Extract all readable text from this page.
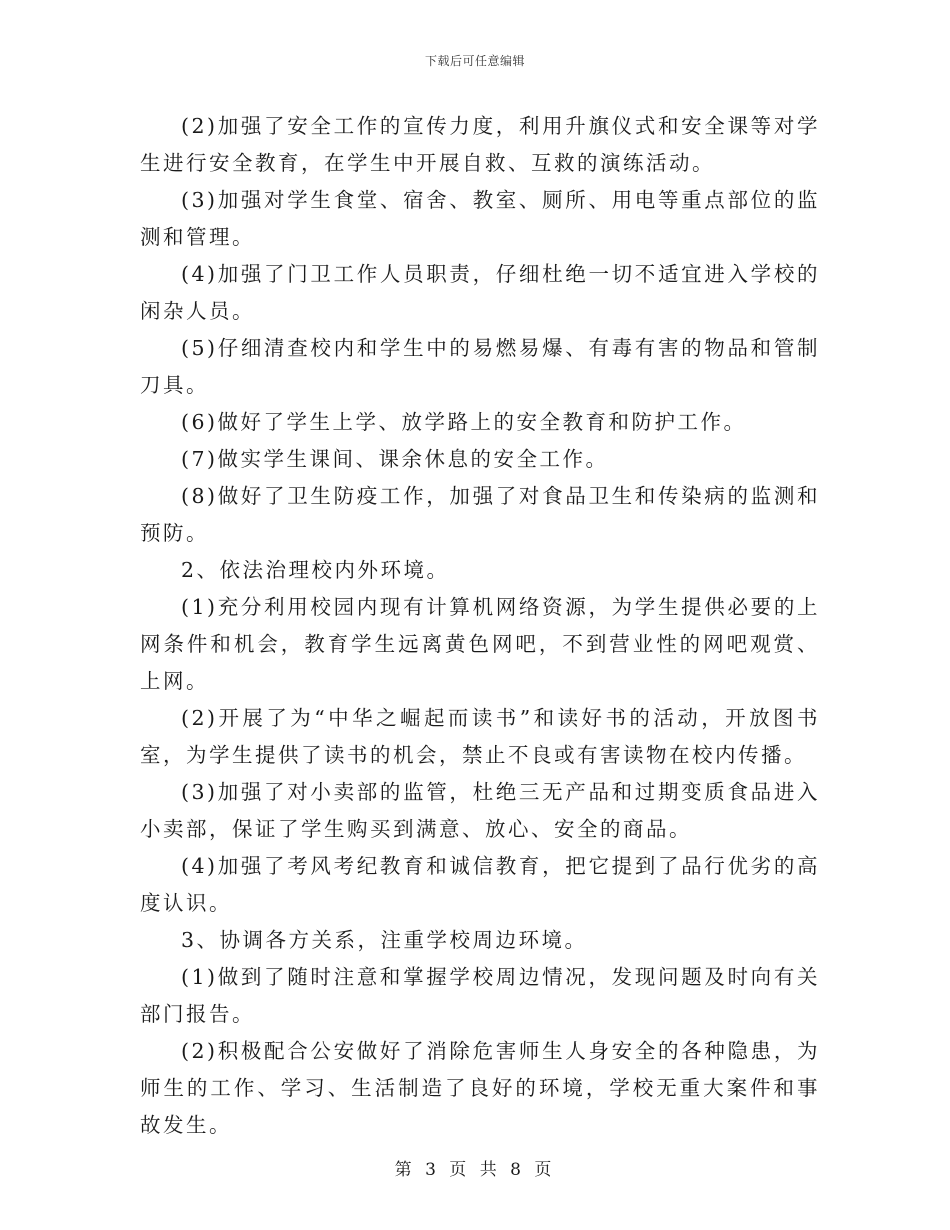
下载后可任意编辑

(2)加强了安全工作的宣传力度，利用升旗仪式和安全课等对学生进行安全教育，在学生中开展自救、互救的演练活动。

(3)加强对学生食堂、宿舍、教室、厕所、用电等重点部位的监测和管理。

(4)加强了门卫工作人员职责，仔细杜绝一切不适宜进入学校的闲杂人员。

(5)仔细清查校内和学生中的易燃易爆、有毒有害的物品和管制刀具。

(6)做好了学生上学、放学路上的安全教育和防护工作。

(7)做实学生课间、课余休息的安全工作。

(8)做好了卫生防疫工作，加强了对食品卫生和传染病的监测和预防。

2、依法治理校内外环境。

(1)充分利用校园内现有计算机网络资源，为学生提供必要的上网条件和机会，教育学生远离黄色网吧，不到营业性的网吧观赏、上网。

(2)开展了为“中华之崛起而读书”和读好书的活动，开放图书室，为学生提供了读书的机会，禁止不良或有害读物在校内传播。

(3)加强了对小卖部的监管，杜绝三无产品和过期变质食品进入小卖部，保证了学生购买到满意、放心、安全的商品。

(4)加强了考风考纪教育和诚信教育，把它提到了品行优劣的高度认识。

3、协调各方关系，注重学校周边环境。

(1)做到了随时注意和掌握学校周边情况，发现问题及时向有关部门报告。

(2)积极配合公安做好了消除危害师生人身安全的各种隐患，为师生的工作、学习、生活制造了良好的环境，学校无重大案件和事故发生。

第 3 页 共 8 页
